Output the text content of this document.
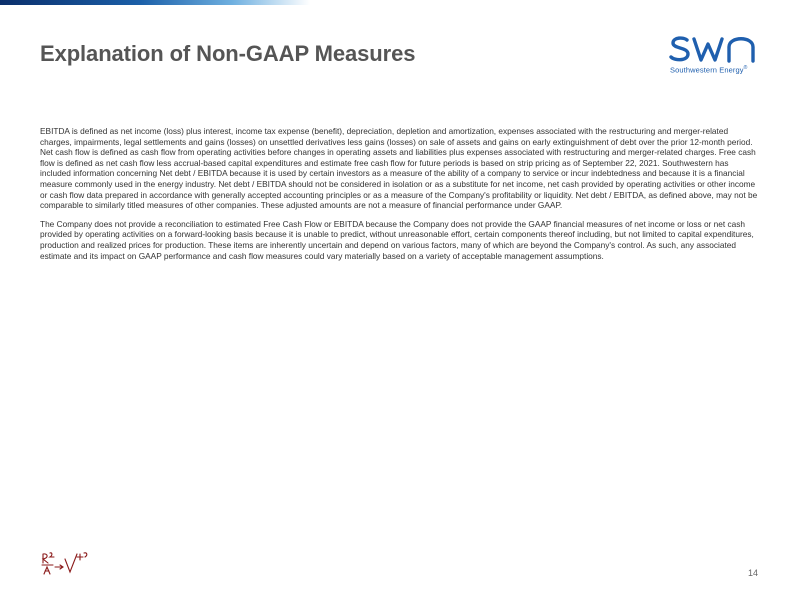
Explanation of Non-GAAP Measures
Southwestern Energy®

EBITDA is defined as net income (loss) plus interest, income tax expense (benefit), depreciation, depletion and amortization, expenses associated with the restructuring and merger-related charges, impairments, legal settlements and gains (losses) on unsettled derivatives less gains (losses) on sale of assets and gains on early extinguishment of debt over the prior 12-month period. Net cash flow is defined as cash flow from operating activities before changes in operating assets and liabilities plus expenses associated with restructuring and merger-related charges. Free cash flow is defined as net cash flow less accrual-based capital expenditures and estimate free cash flow for future periods is based on strip pricing as of September 22, 2021. Southwestern has included information concerning Net debt / EBITDA because it is used by certain investors as a measure of the ability of a company to service or incur indebtedness and because it is a financial measure commonly used in the energy industry. Net debt / EBITDA should not be considered in isolation or as a substitute for net income, net cash provided by operating activities or other income or cash flow data prepared in accordance with generally accepted accounting principles or as a measure of the Company's profitability or liquidity. Net debt / EBITDA, as defined above, may not be comparable to similarly titled measures of other companies. These adjusted amounts are not a measure of financial performance under GAAP.

The Company does not provide a reconciliation to estimated Free Cash Flow or EBITDA because the Company does not provide the GAAP financial measures of net income or loss or net cash provided by operating activities on a forward-looking basis because it is unable to predict, without unreasonable effort, certain components thereof including, but not limited to capital expenditures, production and realized prices for production. These items are inherently uncertain and depend on various factors, many of which are beyond the Company's control. As such, any associated estimate and its impact on GAAP performance and cash flow measures could vary materially based on a variety of acceptable management assumptions.

14
